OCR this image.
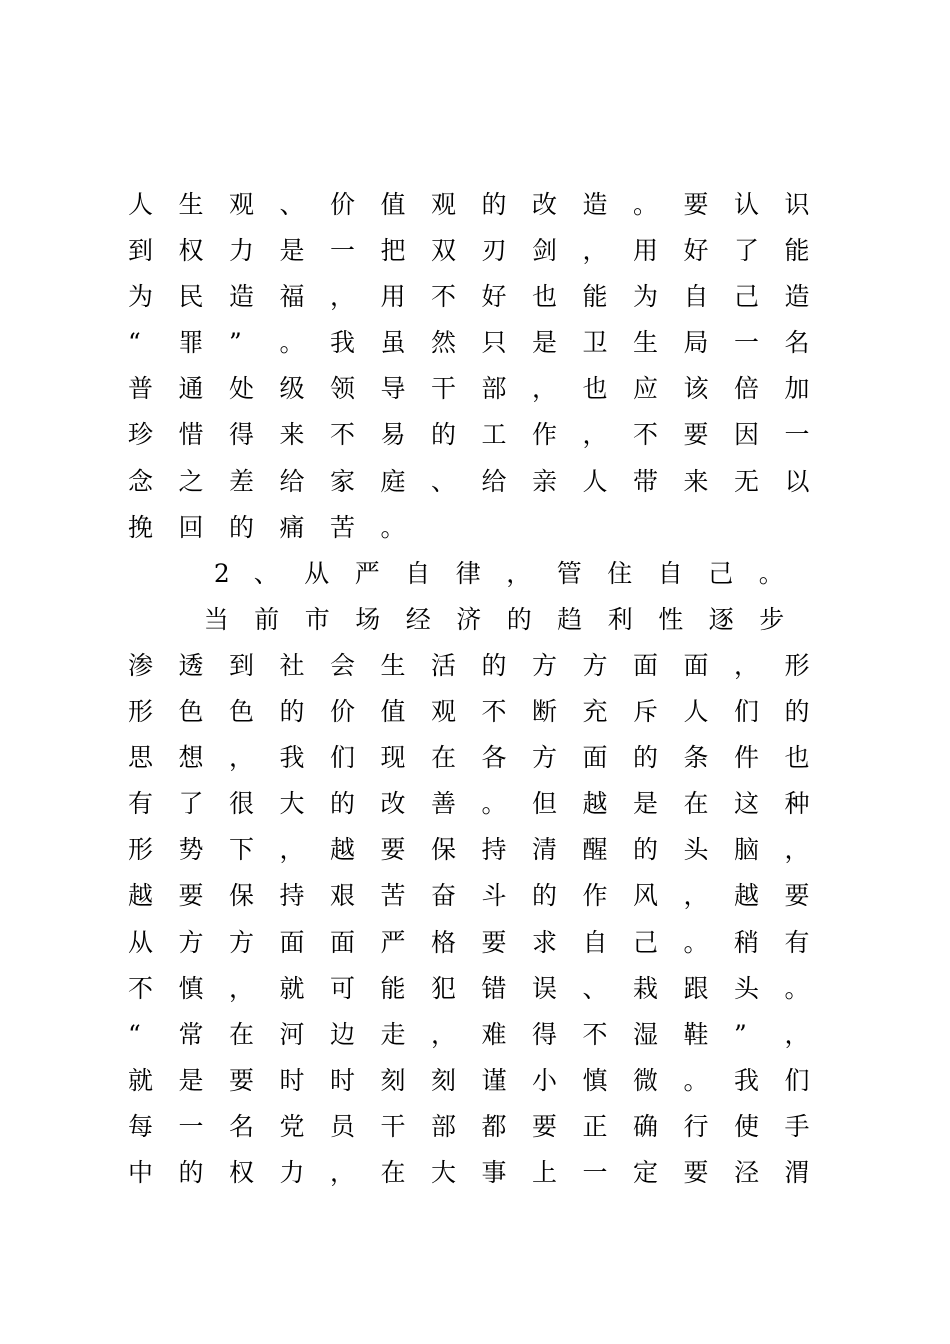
人 生 观 、 价 值 观 的 改 造 。 要 认 识
到 权 力 是 一 把 双 刃 剑 ， 用 好 了 能
为 民 造 福 ， 用 不 好 也 能 为 自 己 造
“ 罪 ” 。 我 虽 然 只 是 卫 生 局 一 名
普 通 处 级 领 导 干 部 ， 也 应 该 倍 加
珍 惜 得 来 不 易 的 工 作 ， 不 要 因 一
念 之 差 给 家 庭 、 给 亲 人 带 来 无 以
挽 回 的 痛 苦 。
2 、 从 严 自 律 ， 管 住 自 己 。
当 前 市 场 经 济 的 趋 利 性 逐 步
渗 透 到 社 会 生 活 的 方 方 面 面 ， 形
形 色 色 的 价 值 观 不 断 充 斥 人 们 的
思 想 ， 我 们 现 在 各 方 面 的 条 件 也
有 了 很 大 的 改 善 。 但 越 是 在 这 种
形 势 下 ， 越 要 保 持 清 醒 的 头 脑 ，
越 要 保 持 艰 苦 奋 斗 的 作 风 ， 越 要
从 方 方 面 面 严 格 要 求 自 己 。 稍 有
不 慎 ， 就 可 能 犯 错 误 、 栽 跟 头 。
“ 常 在 河 边 走 ， 难 得 不 湿 鞋 ” ，
就 是 要 时 时 刻 刻 谨 小 慎 微 。 我 们
每 一 名 党 员 干 部 都 要 正 确 行 使 手
中 的 权 力 ， 在 大 事 上 一 定 要 泾 渭
